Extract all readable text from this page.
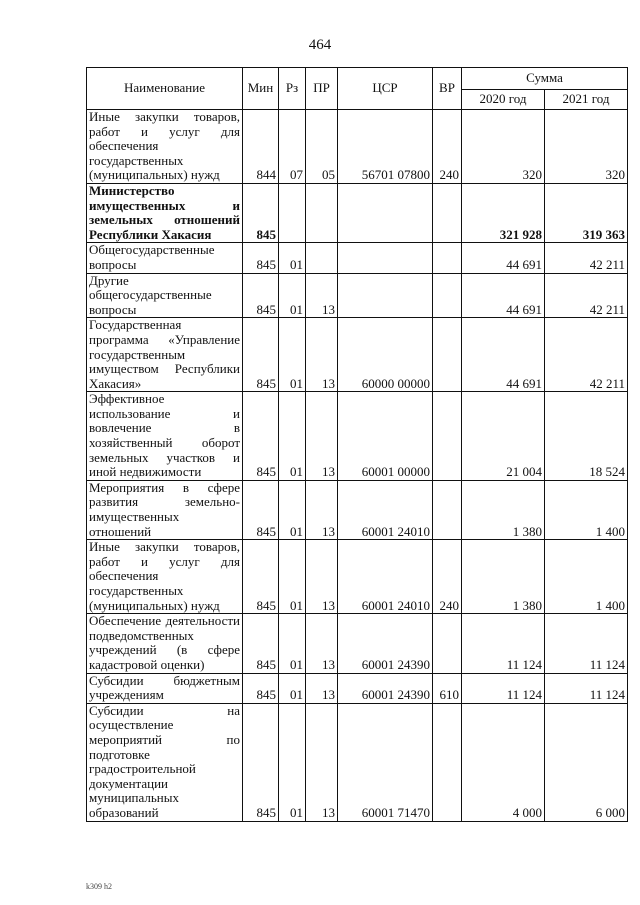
464
Наименование	Мин	Рз	ПР	ЦСР	ВР	Сумма	
						2020 год	2021 год
Иные закупки товаров, работ и услуг для обеспечения государственных (муниципальных) нужд	844	07	05	56701 07800	240	320	320
Министерство имущественных и земельных отношений Республики Хакасия	845					321 928	319 363
Общегосударственные вопросы	845	01				44 691	42 211
Другие общегосударственные вопросы	845	01	13			44 691	42 211
Государственная программа «Управление государственным имуществом Республики Хакасия»	845	01	13	60000 00000		44 691	42 211
Эффективное использование и вовлечение в хозяйственный оборот земельных участков и иной недвижимости	845	01	13	60001 00000		21 004	18 524
Мероприятия в сфере развития земельно-имущественных отношений	845	01	13	60001 24010		1 380	1 400
Иные закупки товаров, работ и услуг для обеспечения государственных (муниципальных) нужд	845	01	13	60001 24010	240	1 380	1 400
Обеспечение деятельности подведомственных учреждений (в сфере кадастровой оценки)	845	01	13	60001 24390		11 124	11 124
Субсидии бюджетным учреждениям	845	01	13	60001 24390	610	11 124	11 124
Субсидии на осуществление мероприятий по подготовке градостроительной документации муниципальных образований	845	01	13	60001 71470		4 000	6 000
k309 h2
